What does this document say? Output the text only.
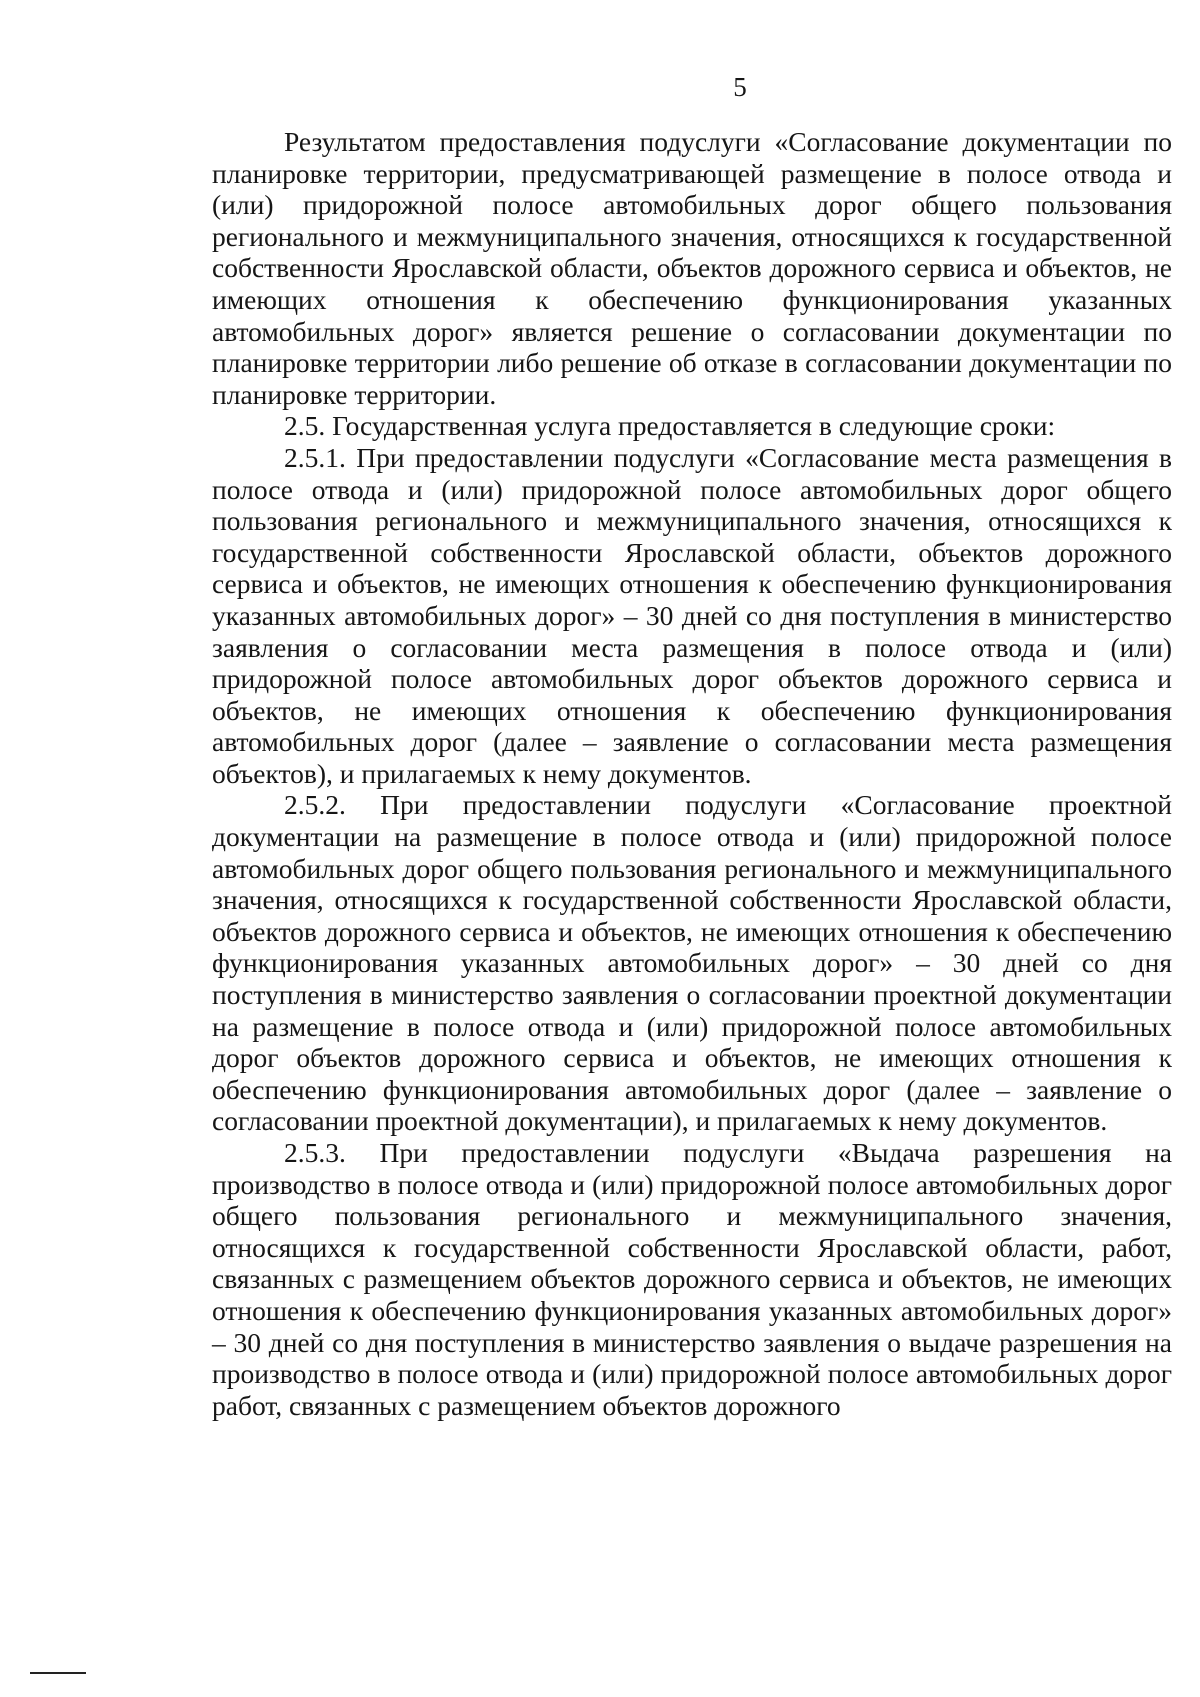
5

Результатом предоставления подуслуги «Согласование документации по планировке территории, предусматривающей размещение в полосе отвода и (или) придорожной полосе автомобильных дорог общего пользования регионального и межмуниципального значения, относящихся к государственной собственности Ярославской области, объектов дорожного сервиса и объектов, не имеющих отношения к обеспечению функционирования указанных автомобильных дорог» является решение о согласовании документации по планировке территории либо решение об отказе в согласовании документации по планировке территории.

2.5. Государственная услуга предоставляется в следующие сроки:

2.5.1. При предоставлении подуслуги «Согласование места размещения в полосе отвода и (или) придорожной полосе автомобильных дорог общего пользования регионального и межмуниципального значения, относящихся к государственной собственности Ярославской области, объектов дорожного сервиса и объектов, не имеющих отношения к обеспечению функционирования указанных автомобильных дорог» – 30 дней со дня поступления в министерство заявления о согласовании места размещения в полосе отвода и (или) придорожной полосе автомобильных дорог объектов дорожного сервиса и объектов, не имеющих отношения к обеспечению функционирования автомобильных дорог (далее – заявление о согласовании места размещения объектов), и прилагаемых к нему документов.

2.5.2. При предоставлении подуслуги «Согласование проектной документации на размещение в полосе отвода и (или) придорожной полосе автомобильных дорог общего пользования регионального и межмуниципального значения, относящихся к государственной собственности Ярославской области, объектов дорожного сервиса и объектов, не имеющих отношения к обеспечению функционирования указанных автомобильных дорог» – 30 дней со дня поступления в министерство заявления о согласовании проектной документации на размещение в полосе отвода и (или) придорожной полосе автомобильных дорог объектов дорожного сервиса и объектов, не имеющих отношения к обеспечению функционирования автомобильных дорог (далее – заявление о согласовании проектной документации), и прилагаемых к нему документов.

2.5.3. При предоставлении подуслуги «Выдача разрешения на производство в полосе отвода и (или) придорожной полосе автомобильных дорог общего пользования регионального и межмуниципального значения, относящихся к государственной собственности Ярославской области, работ, связанных с размещением объектов дорожного сервиса и объектов, не имеющих отношения к обеспечению функционирования указанных автомобильных дорог» – 30 дней со дня поступления в министерство заявления о выдаче разрешения на производство в полосе отвода и (или) придорожной полосе автомобильных дорог работ, связанных с размещением объектов дорожного
